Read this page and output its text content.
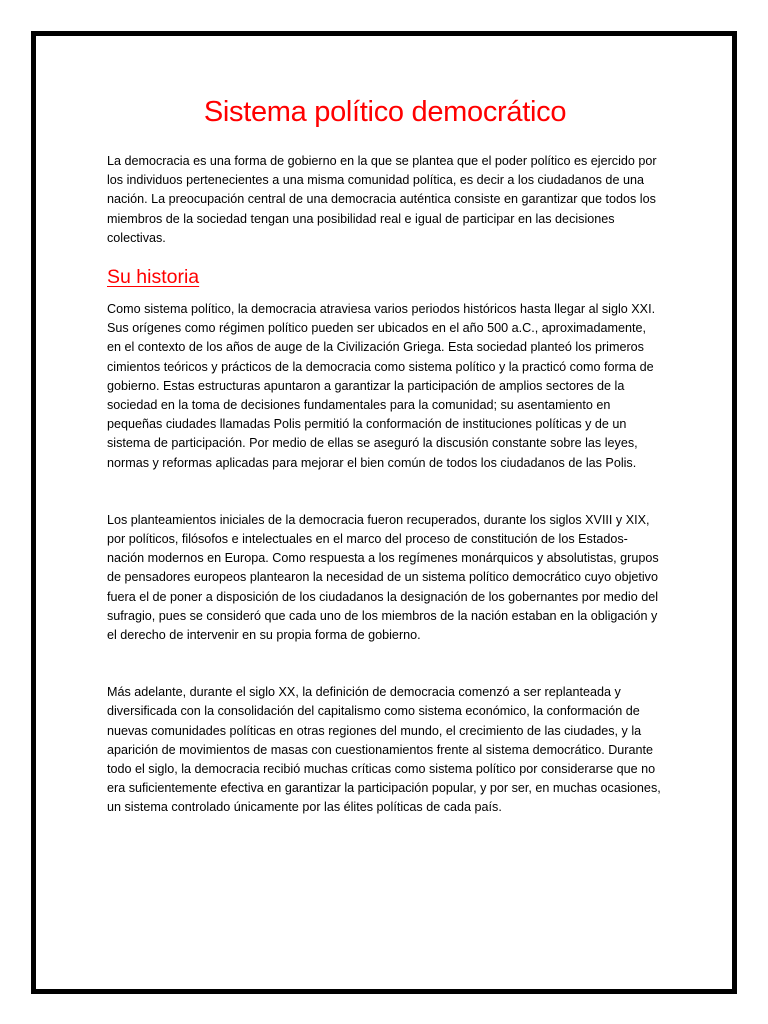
Sistema político democrático

La democracia es una forma de gobierno en la que se plantea que el poder político es ejercido por los individuos pertenecientes a una misma comunidad política, es decir a los ciudadanos de una nación. La preocupación central de una democracia auténtica consiste en garantizar que todos los miembros de la sociedad tengan una posibilidad real e igual de participar en las decisiones colectivas.

Su historia

Como sistema político, la democracia atraviesa varios periodos históricos hasta llegar al siglo XXI. Sus orígenes como régimen político pueden ser ubicados en el año 500 a.C., aproximadamente, en el contexto de los años de auge de la Civilización Griega. Esta sociedad planteó los primeros cimientos teóricos y prácticos de la democracia como sistema político y la practicó como forma de gobierno. Estas estructuras apuntaron a garantizar la participación de amplios sectores de la sociedad en la toma de decisiones fundamentales para la comunidad; su asentamiento en pequeñas ciudades llamadas Polis permitió la conformación de instituciones políticas y de un sistema de participación. Por medio de ellas se aseguró la discusión constante sobre las leyes, normas y reformas aplicadas para mejorar el bien común de todos los ciudadanos de las Polis.

Los planteamientos iniciales de la democracia fueron recuperados, durante los siglos XVIII y XIX, por políticos, filósofos e intelectuales en el marco del proceso de constitución de los Estados-nación modernos en Europa. Como respuesta a los regímenes monárquicos y absolutistas, grupos de pensadores europeos plantearon la necesidad de un sistema político democrático cuyo objetivo fuera el de poner a disposición de los ciudadanos la designación de los gobernantes por medio del sufragio, pues se consideró que cada uno de los miembros de la nación estaban en la obligación y el derecho de intervenir en su propia forma de gobierno.

Más adelante, durante el siglo XX, la definición de democracia comenzó a ser replanteada y diversificada con la consolidación del capitalismo como sistema económico, la conformación de nuevas comunidades políticas en otras regiones del mundo, el crecimiento de las ciudades, y la aparición de movimientos de masas con cuestionamientos frente al sistema democrático. Durante todo el siglo, la democracia recibió muchas críticas como sistema político por considerarse que no era suficientemente efectiva en garantizar la participación popular, y por ser, en muchas ocasiones, un sistema controlado únicamente por las élites políticas de cada país.
